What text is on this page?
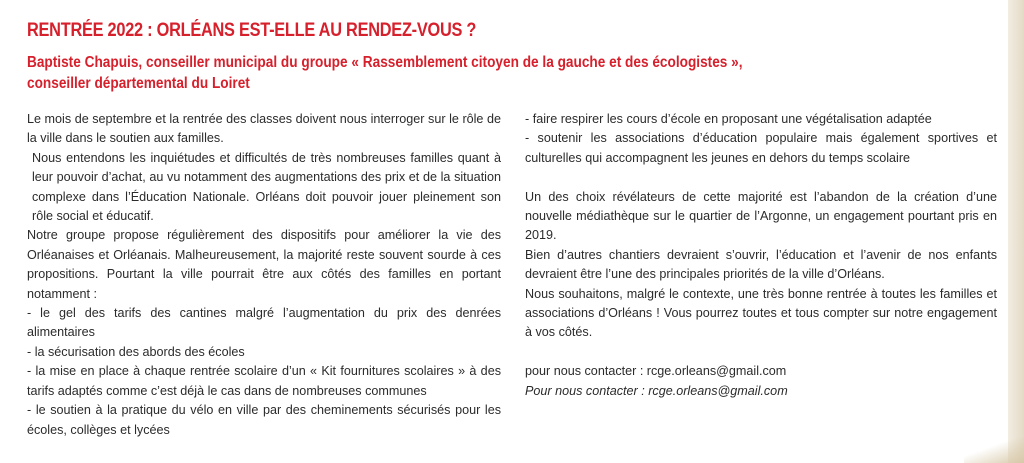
RENTRÉE 2022 : ORLÉANS EST-ELLE AU RENDEZ-VOUS ?
Baptiste Chapuis, conseiller municipal du groupe « Rassemblement citoyen de la gauche et des écologistes »,
conseiller départemental du Loiret
Le mois de septembre et la rentrée des classes doivent nous interroger sur le rôle de la ville dans le soutien aux familles.
Nous entendons les inquiétudes et difficultés de très nombreuses familles quant à leur pouvoir d’achat, au vu notamment des augmentations des prix et de la situation complexe dans l’Éducation Nationale. Orléans doit pouvoir jouer pleinement son rôle social et éducatif.
Notre groupe propose régulièrement des dispositifs pour améliorer la vie des Orléanaises et Orléanais. Malheureusement, la majorité reste souvent sourde à ces propositions. Pourtant la ville pourrait être aux côtés des familles en portant notamment :
- le gel des tarifs des cantines malgré l’augmentation du prix des denrées alimentaires
- la sécurisation des abords des écoles
- la mise en place à chaque rentrée scolaire d’un « Kit fournitures scolaires » à des tarifs adaptés comme c’est déjà le cas dans de nombreuses communes
- le soutien à la pratique du vélo en ville par des cheminements sécurisés pour les écoles, collèges et lycées
- faire respirer les cours d’école en proposant une végétalisation adaptée
- soutenir les associations d’éducation populaire mais également sportives et culturelles qui accompagnent les jeunes en dehors du temps scolaire
Un des choix révélateurs de cette majorité est l’abandon de la création d’une nouvelle médiathèque sur le quartier de l’Argonne, un engagement pourtant pris en 2019.
Bien d’autres chantiers devraient s’ouvrir, l’éducation et l’avenir de nos enfants devraient être l’une des principales priorités de la ville d’Orléans.
Nous souhaitons, malgré le contexte, une très bonne rentrée à toutes les familles et associations d’Orléans ! Vous pourrez toutes et tous compter sur notre engagement à vos côtés.
pour nous contacter : rcge.orleans@gmail.com
Pour nous contacter : rcge.orleans@gmail.com
